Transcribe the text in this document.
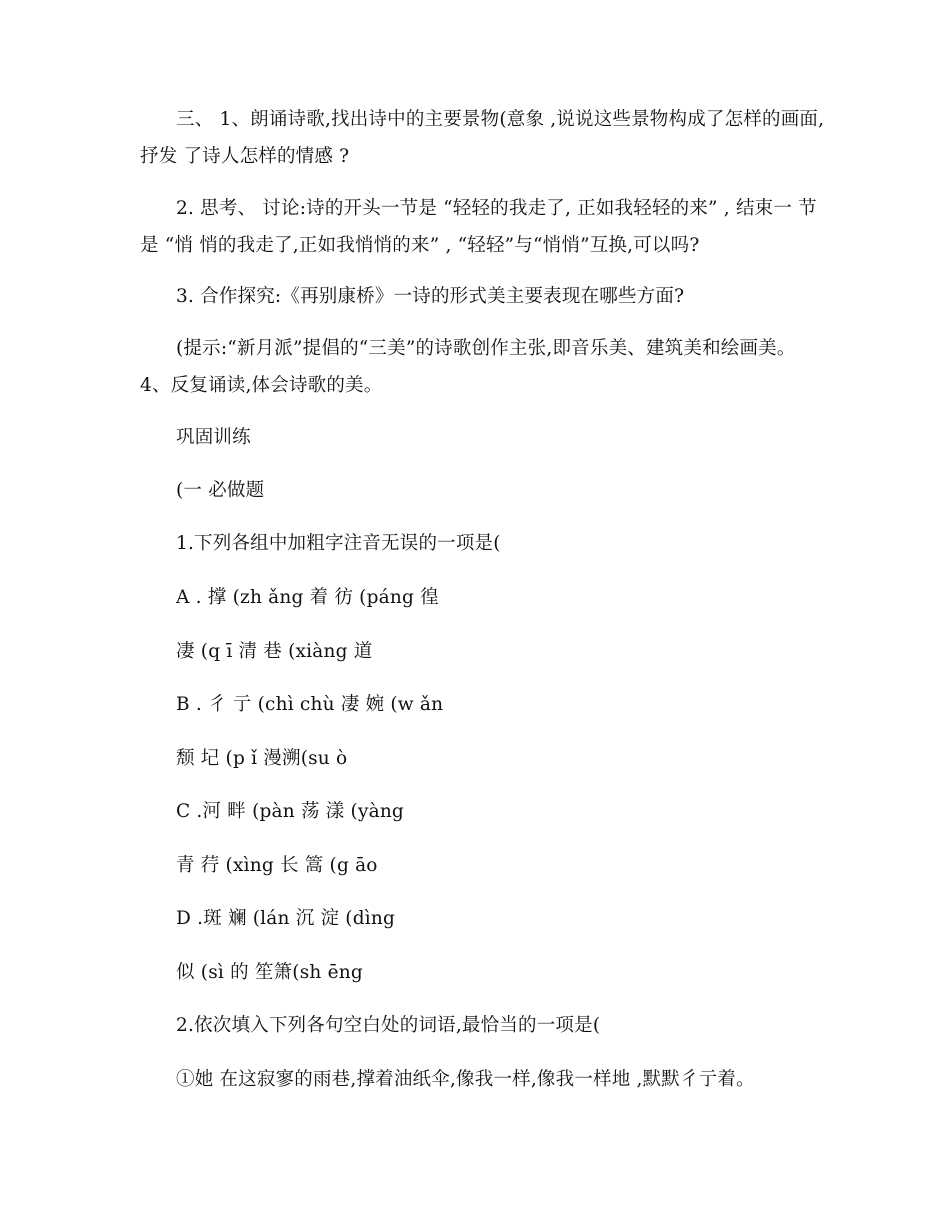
三、 1、朗诵诗歌,找出诗中的主要景物(意象 ,说说这些景物构成了怎样的画面,
抒发 了诗人怎样的情感 ?
2. 思考、 讨论:诗的开头一节是 “轻轻的我走了, 正如我轻轻的来” , 结束一 节
是 “悄 悄的我走了,正如我悄悄的来” , “轻轻”与“悄悄”互换,可以吗?
3. 合作探究:《再别康桥》一诗的形式美主要表现在哪些方面?
(提示:“新月派”提倡的“三美”的诗歌创作主张,即音乐美、建筑美和绘画美。
4、反复诵读,体会诗歌的美。
巩固训练
(一 必做题
1.下列各组中加粗字注音无误的一项是(
A . 撑 (zh ǎng 着 彷 (páng 徨
凄 (q ī 清 巷 (xiàng 道
B . 彳 亍 (chì chù 凄 婉 (w ǎn
颓 圮 (p ǐ 漫溯(su ò
C .河 畔 (pàn 荡 漾 (yàng
青 荇 (xìng 长 篙 (g āo
D .斑 斓 (lán 沉 淀 (dìng
似 (sì 的 笙箫(sh ēng
2.依次填入下列各句空白处的词语,最恰当的一项是(
①她 在这寂寥的雨巷,撑着油纸伞,像我一样,像我一样地 ,默默彳亍着。
